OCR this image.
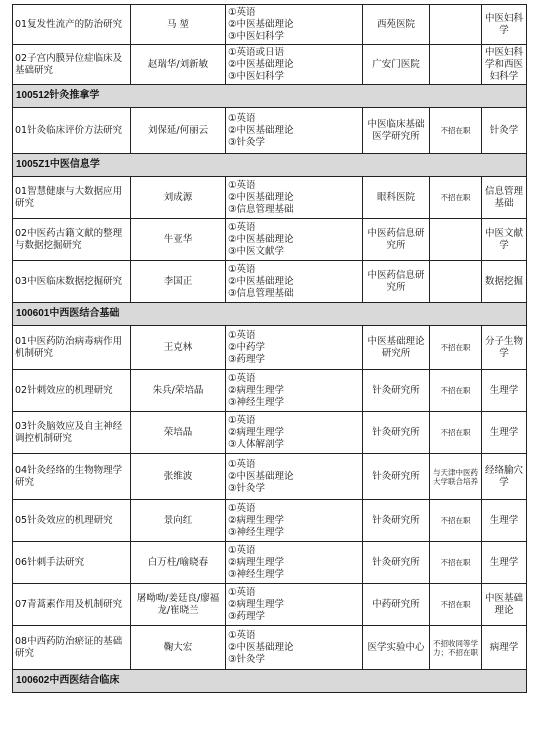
01复发性流产的防治研究	马 堃	①英语
②中医基础理论
③中医妇科学	西苑医院		中医妇科学
02子宫内膜异位症临床及基础研究	赵瑞华/刘新敏	①英语或日语
②中医基础理论
③中医妇科学	广安门医院		中医妇科学和西医妇科学
100512针灸推拿学					
01针灸临床评价方法研究	刘保延/何丽云	①英语
②中医基础理论
③针灸学	中医临床基础医学研究所	不招在职	针灸学
1005Z1中医信息学					
01智慧健康与大数据应用研究	刘成源	①英语
②中医基础理论
③信息管理基础	眼科医院	不招在职	信息管理基础
02中医药古籍文献的整理与数据挖掘研究	牛亚华	①英语
②中医基础理论
③中医文献学	中医药信息研究所		中医文献学
03中医临床数据挖掘研究	李国正	①英语
②中医基础理论
③信息管理基础	中医药信息研究所		数据挖掘
100601中西医结合基础					
01中医药防治病毒病作用机制研究	王克林	①英语
②中药学
③药理学	中医基础理论研究所	不招在职	分子生物学
02针刺效应的机理研究	朱兵/荣培晶	①英语
②病理生理学
③神经生理学	针灸研究所	不招在职	生理学
03针灸脑效应及自主神经调控机制研究	荣培晶	①英语
②病理生理学
③人体解剖学	针灸研究所	不招在职	生理学
04针灸经络的生物物理学研究	张维波	①英语
②中医基础理论
③针灸学	针灸研究所	与天津中医药大学联合培养	经络腧穴学
05针灸效应的机理研究	景向红	①英语
②病理生理学
③神经生理学	针灸研究所	不招在职	生理学
06针刺手法研究	白万柱/喻晓春	①英语
②病理生理学
③神经生理学	针灸研究所	不招在职	生理学
07青蒿素作用及机制研究	屠呦呦/姜廷良/廖福龙/崔晓兰	①英语
②病理生理学
③药理学	中药研究所	不招在职	中医基础理论
08中西药防治瘀证的基础研究	鞠大宏	①英语
②中医基础理论
③针灸学	医学实验中心	不招收同等学力；不招在职	病理学
100602中西医结合临床					
